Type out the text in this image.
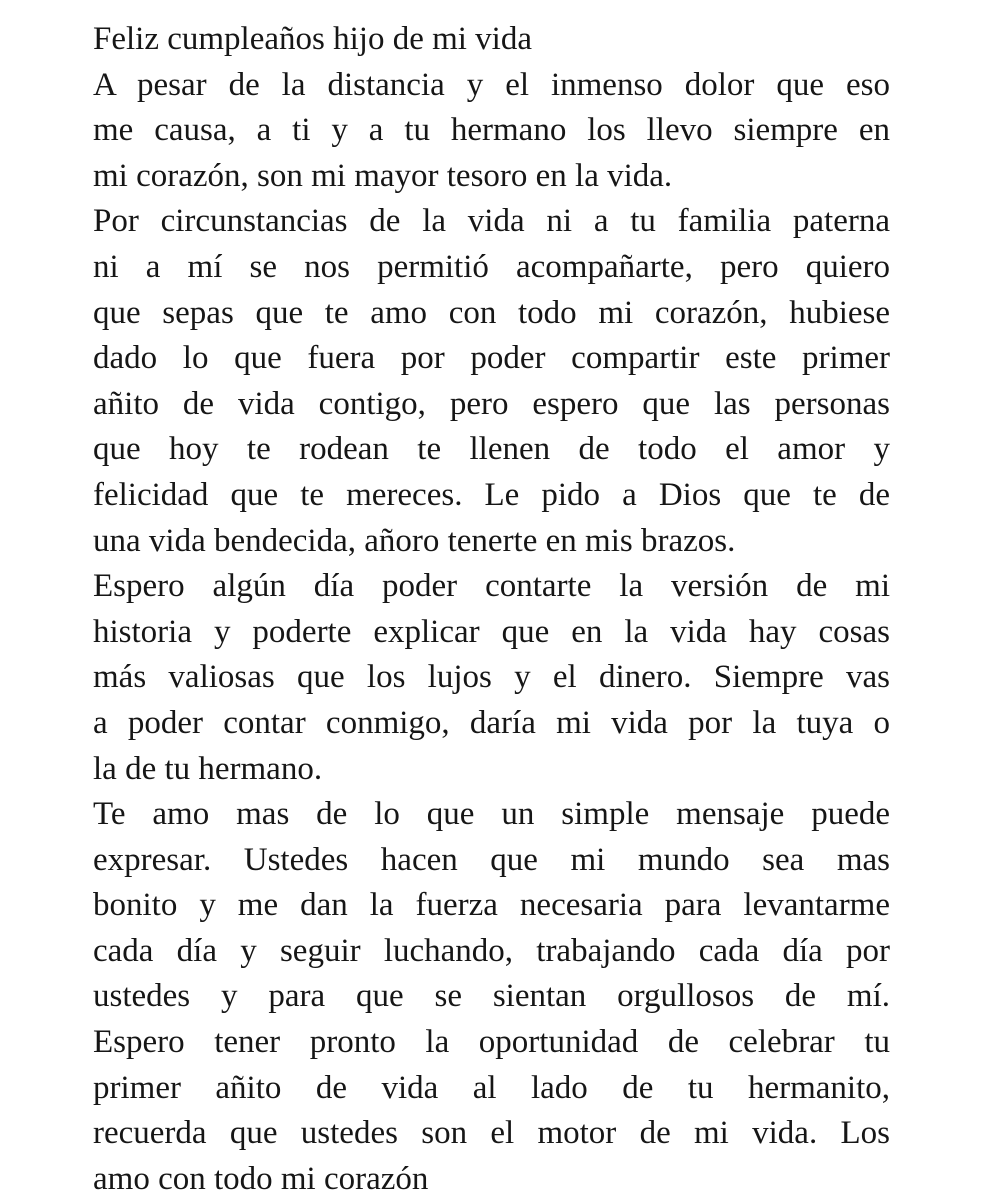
Feliz cumpleaños hijo de mi vida
A pesar de la distancia y el inmenso dolor que eso
me causa, a ti y a tu hermano los llevo siempre en
mi corazón, son mi mayor tesoro en la vida.
Por circunstancias de la vida ni a tu familia paterna
ni a mí se nos permitió acompañarte, pero quiero
que sepas que te amo con todo mi corazón, hubiese
dado lo que fuera por poder compartir este primer
añito de vida contigo, pero espero que las personas
que hoy te rodean te llenen de todo el amor y
felicidad que te mereces. Le pido a Dios que te de
una vida bendecida, añoro tenerte en mis brazos.
Espero algún día poder contarte la versión de mi
historia y poderte explicar que en la vida hay cosas
más valiosas que los lujos y el dinero. Siempre vas
a poder contar conmigo, daría mi vida por la tuya o
la de tu hermano.
Te amo mas de lo que un simple mensaje puede
expresar. Ustedes hacen que mi mundo sea mas
bonito y me dan la fuerza necesaria para levantarme
cada día y seguir luchando, trabajando cada día por
ustedes y para que se sientan orgullosos de mí.
Espero tener pronto la oportunidad de celebrar tu
primer añito de vida al lado de tu hermanito,
recuerda que ustedes son el motor de mi vida. Los
amo con todo mi corazón
